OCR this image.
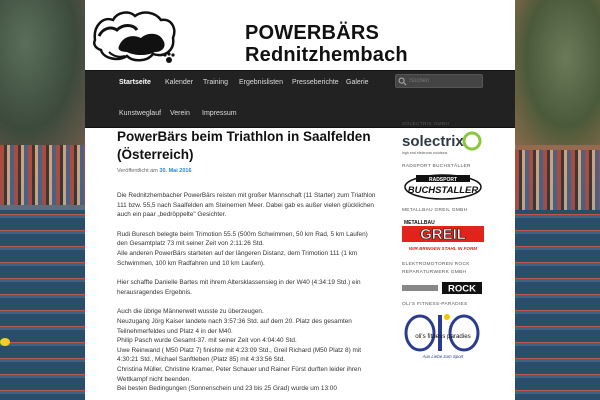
POWERBÄRS
Rednitzhembach
Startseite Kalender Training Ergebnislisten Presseberichte Galerie
Suchen
Kunstweglauf Verein Impressum
PowerBärs beim Triathlon in Saalfelden (Österreich)
Veröffentlicht am 30. Mai 2016

Die Rednitzhembacher PowerBärs reisten mit großer Mannschaft (11 Starter) zum Triathlon 111 bzw. 55,5 nach Saalfelden am Steinernen Meer. Dabei gab es außer vielen glücklichen auch ein paar „bedröppelte" Gesichter.

Rudi Buresch belegte beim Trimotion 55.5 (500m Schwimmen, 50 km Rad, 5 km Laufen) den Gesamtplatz 73 mit seiner Zeit von 2:11:26 Std.

Alle anderen PowerBärs starteten auf der längeren Distanz, dem Trimotion 111 (1 km Schwimmen, 100 km Radfahren und 10 km Laufen).

Hier schaffte Danielle Bartes mit ihrem Altersklassensieg in der W40 (4:34:19 Std.) ein herausragendes Ergebnis.

Auch die übrige Männerwelt wusste zu überzeugen.

Neuzugang Jörg Kaiser landete nach 3:57:36 Std. auf dem 20. Platz des gesamten Teilnehmerfeldes und Platz 4 in der M40.

Philip Pasch wurde Gesamt-37. mit seiner Zeit von 4:04:40 Std.

Uwe Reinwand ( M50 Platz 7) finishte mit 4:23:09 Std., Greil Richard (M50 Platz 8) mit 4:30:21 Std., Michael Sanftleben (Platz 85) mit 4:33:56 Std.

Christina Müller, Christine Kramer, Peter Schauer und Rainer Fürst durften leider ihren Wettkampf nicht beenden.

Bei besten Bedingungen (Sonnenschein und 23 bis 25 Grad) wurde um 13:00

SOLECTRIX GMBH
solectrix
high end electronic solutions
RADSPORT BUCHSTÄLLER
RADSPORT
BUCHSTALLER
METALLBAU GREIL GMBH
METALLBAU
GREIL
WIR BRINGEN STAHL IN FORM
ELEKTROMOTOREN ROCK REPARATURWERK GMBH
ROCK
OLI'S FITNESS-PARADIES
oli's fitness paradies
Aus Liebe zum Sport
